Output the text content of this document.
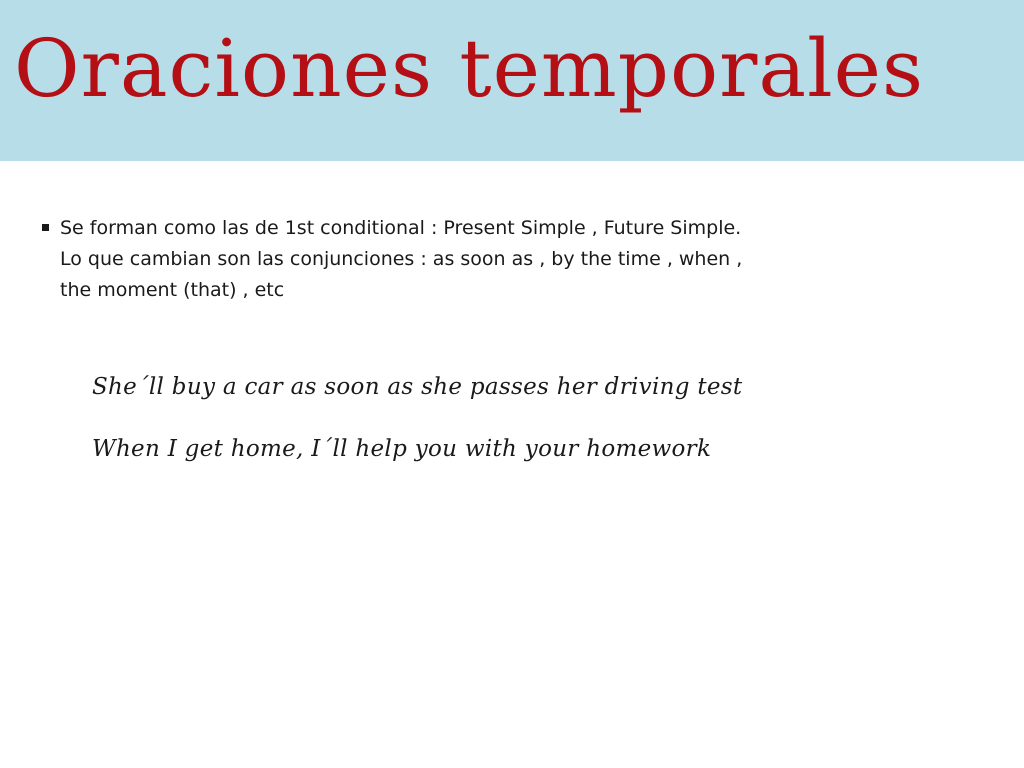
Oraciones temporales
Se forman como las de 1st conditional : Present Simple , Future Simple.
Lo que cambian son las conjunciones : as soon as , by the time , when ,
the moment (that) , etc

She´ll buy a car as soon as she passes her driving test

When I get home, I´ll help you with your homework
